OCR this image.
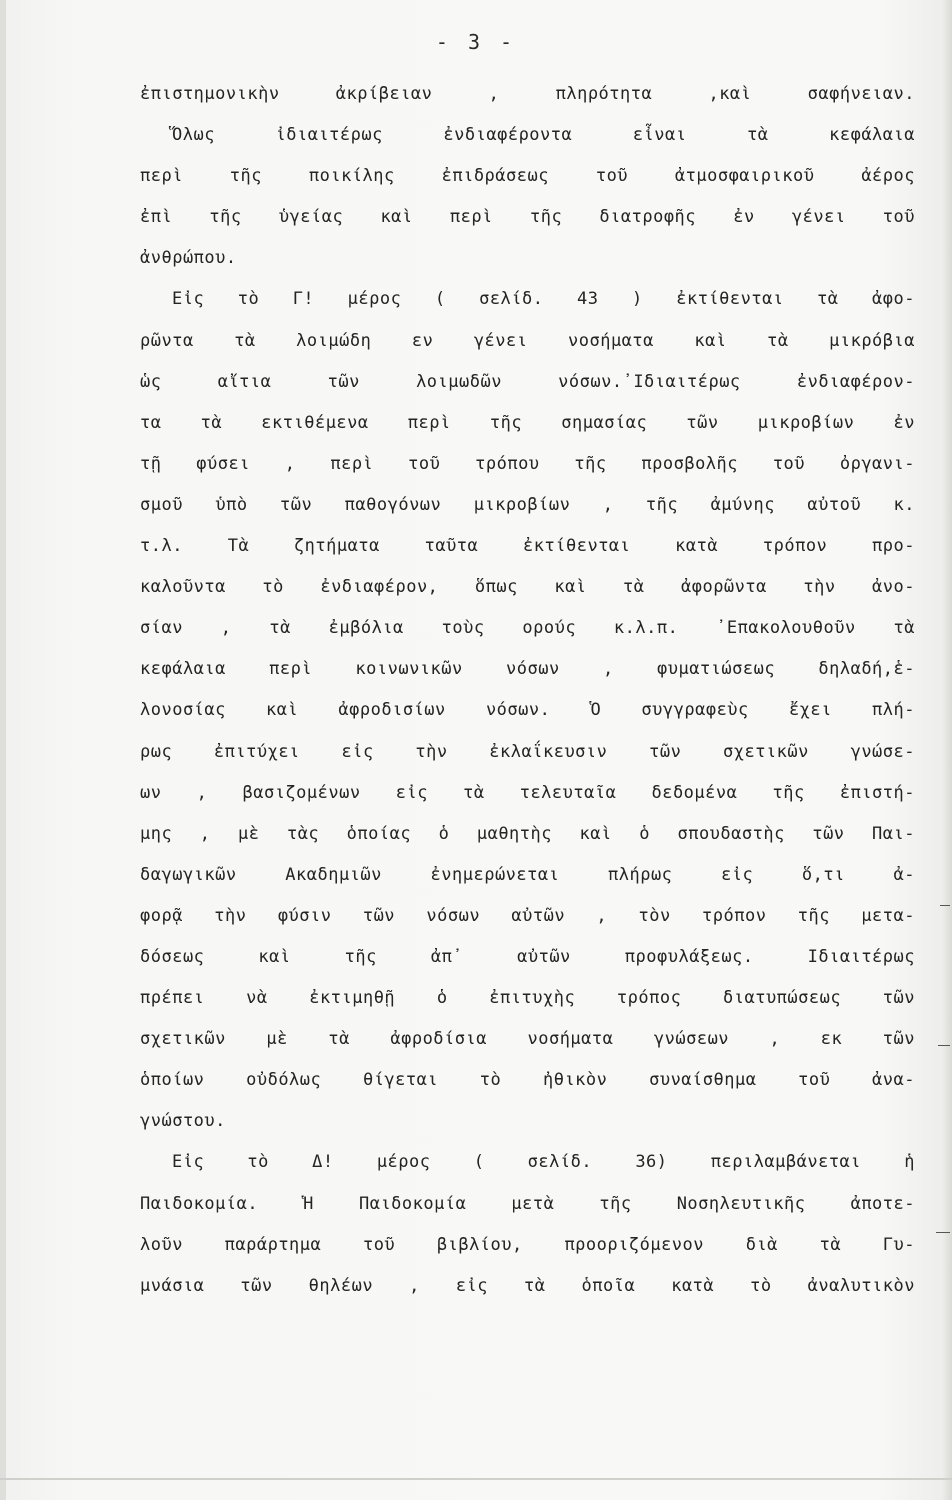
- 3 -
ἐπιστημονικὴν ἀκρίβειαν , πληρότητα ,καὶ σαφήνειαν.
Ὅλως ἰδιαιτέρως ἐνδιαφέροντα εἶναι τὰ κεφάλαια
περὶ τῆς ποικίλης ἐπιδράσεως τοῦ ἀτμοσφαιρικοῦ ἀέρος
ἐπὶ τῆς ὑγείας καὶ περὶ τῆς διατροφῆς ἐν γένει τοῦ
ἀνθρώπου.
Εἰς τὸ Γ! μέρος ( σελίδ. 43 ) ἐκτίθενται τὰ ἀφο-
ρῶντα τὰ λοιμώδη εν γένει νοσήματα καὶ τὰ μικρόβια
ὡς αἴτια τῶν λοιμωδῶν νόσων.᾿Ιδιαιτέρως ἐνδιαφέρον-
τα τὰ εκτιθέμενα περὶ τῆς σημασίας τῶν μικροβίων ἐν
τῇ φύσει , περὶ τοῦ τρόπου τῆς προσβολῆς τοῦ ὀργανι-
σμοῦ ὑπὸ τῶν παθογόνων μικροβίων , τῆς ἀμύνης αὐτοῦ κ.
τ.λ. Τὰ ζητήματα ταῦτα ἐκτίθενται κατὰ τρόπον προ-
καλοῦντα τὸ ἐνδιαφέρον, ὅπως καὶ τὰ ἀφορῶντα τὴν ἀνο-
σίαν , τὰ ἐμβόλια τοὺς ορούς κ.λ.π. ᾿Επακολουθοῦν τὰ
κεφάλαια περὶ κοινωνικῶν νόσων , φυματιώσεως δηλαδή,ἑ-
λονοσίας καὶ ἀφροδισίων νόσων. Ὁ συγγραφεὺς ἔχει πλή-
ρως ἐπιτύχει εἰς τὴν ἐκλαΐκευσιν τῶν σχετικῶν γνώσε-
ων , βασιζομένων εἰς τὰ τελευταῖα δεδομένα τῆς ἐπιστή-
μης , μὲ τὰς ὁποίας ὁ μαθητὴς καὶ ὁ σπουδαστὴς τῶν Παι-
δαγωγικῶν Ακαδημιῶν ἐνημερώνεται πλήρως εἰς ὅ,τι ἀ-
φορᾷ τὴν φύσιν τῶν νόσων αὐτῶν , τὸν τρόπον τῆς μετα-
δόσεως καὶ τῆς ἀπ᾿ αὐτῶν προφυλάξεως. Ιδιαιτέρως
πρέπει νὰ ἐκτιμηθῇ ὁ ἐπιτυχὴς τρόπος διατυπώσεως τῶν
σχετικῶν μὲ τὰ ἀφροδίσια νοσήματα γνώσεων , εκ τῶν
ὁποίων οὐδόλως θίγεται τὸ ἠθικὸν συναίσθημα τοῦ ἀνα-
γνώστου.
Εἰς τὸ Δ! μέρος ( σελίδ. 36) περιλαμβάνεται ἡ
Παιδοκομία. Ἡ Παιδοκομία μετὰ τῆς Νοσηλευτικῆς ἀποτε-
λοῦν παράρτημα τοῦ βιβλίου, προοριζόμενον διὰ τὰ Γυ-
μνάσια τῶν θηλέων , εἰς τὰ ὁποῖα κατὰ τὸ ἀναλυτικὸν
